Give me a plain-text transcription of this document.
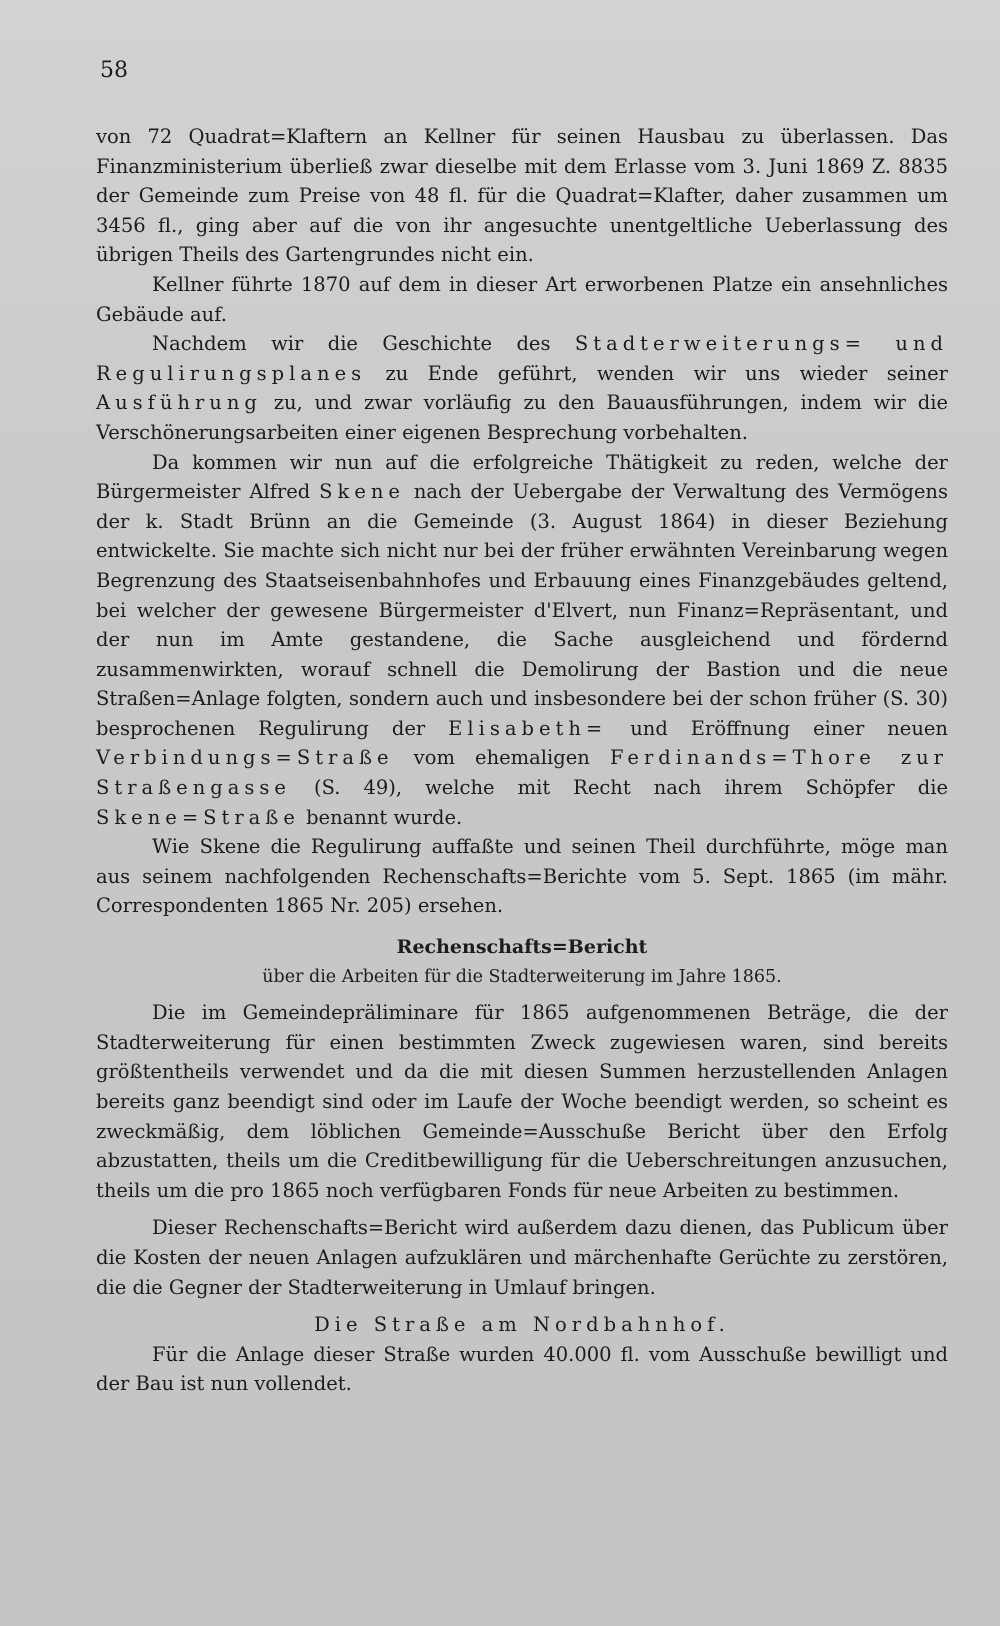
58

von 72 Quadrat=Klaftern an Kellner für seinen Hausbau zu überlassen. Das Finanzministerium überließ zwar dieselbe mit dem Erlasse vom 3. Juni 1869 Z. 8835 der Gemeinde zum Preise von 48 fl. für die Quadrat=Klafter, daher zusammen um 3456 fl., ging aber auf die von ihr angesuchte unentgeltliche Ueberlassung des übrigen Theils des Gartengrundes nicht ein.

Kellner führte 1870 auf dem in dieser Art erworbenen Platze ein ansehnliches Gebäude auf.

Nachdem wir die Geschichte des Stadterweiterungs= und Regulirungsplanes zu Ende geführt, wenden wir uns wieder seiner Ausführung zu, und zwar vorläufig zu den Bauausführungen, indem wir die Verschönerungsarbeiten einer eigenen Besprechung vorbehalten.

Da kommen wir nun auf die erfolgreiche Thätigkeit zu reden, welche der Bürgermeister Alfred Skene nach der Uebergabe der Verwaltung des Vermögens der k. Stadt Brünn an die Gemeinde (3. August 1864) in dieser Beziehung entwickelte. Sie machte sich nicht nur bei der früher erwähnten Vereinbarung wegen Begrenzung des Staatseisenbahnhofes und Erbauung eines Finanzgebäudes geltend, bei welcher der gewesene Bürgermeister d'Elvert, nun Finanz=Repräsentant, und der nun im Amte gestandene, die Sache ausgleichend und fördernd zusammenwirkten, worauf schnell die Demolirung der Bastion und die neue Straßen=Anlage folgten, sondern auch und insbesondere bei der schon früher (S. 30) besprochenen Regulirung der Elisabeth= und Eröffnung einer neuen Verbindungs=Straße vom ehemaligen Ferdinands=Thore zur Straßengasse (S. 49), welche mit Recht nach ihrem Schöpfer die Skene=Straße benannt wurde.

Wie Skene die Regulirung auffaßte und seinen Theil durchführte, möge man aus seinem nachfolgenden Rechenschafts=Berichte vom 5. Sept. 1865 (im mähr. Correspondenten 1865 Nr. 205) ersehen.

Rechenschafts=Bericht

über die Arbeiten für die Stadterweiterung im Jahre 1865.

Die im Gemeindepräliminare für 1865 aufgenommenen Beträge, die der Stadterweiterung für einen bestimmten Zweck zugewiesen waren, sind bereits größtentheils verwendet und da die mit diesen Summen herzustellenden Anlagen bereits ganz beendigt sind oder im Laufe der Woche beendigt werden, so scheint es zweckmäßig, dem löblichen Gemeinde=Ausschuße Bericht über den Erfolg abzustatten, theils um die Creditbewilligung für die Ueberschreitungen anzusuchen, theils um die pro 1865 noch verfügbaren Fonds für neue Arbeiten zu bestimmen.

Dieser Rechenschafts=Bericht wird außerdem dazu dienen, das Publicum über die Kosten der neuen Anlagen aufzuklären und märchenhafte Gerüchte zu zerstören, die die Gegner der Stadterweiterung in Umlauf bringen.

Die Straße am Nordbahnhof.

Für die Anlage dieser Straße wurden 40.000 fl. vom Ausschuße bewilligt und der Bau ist nun vollendet.
